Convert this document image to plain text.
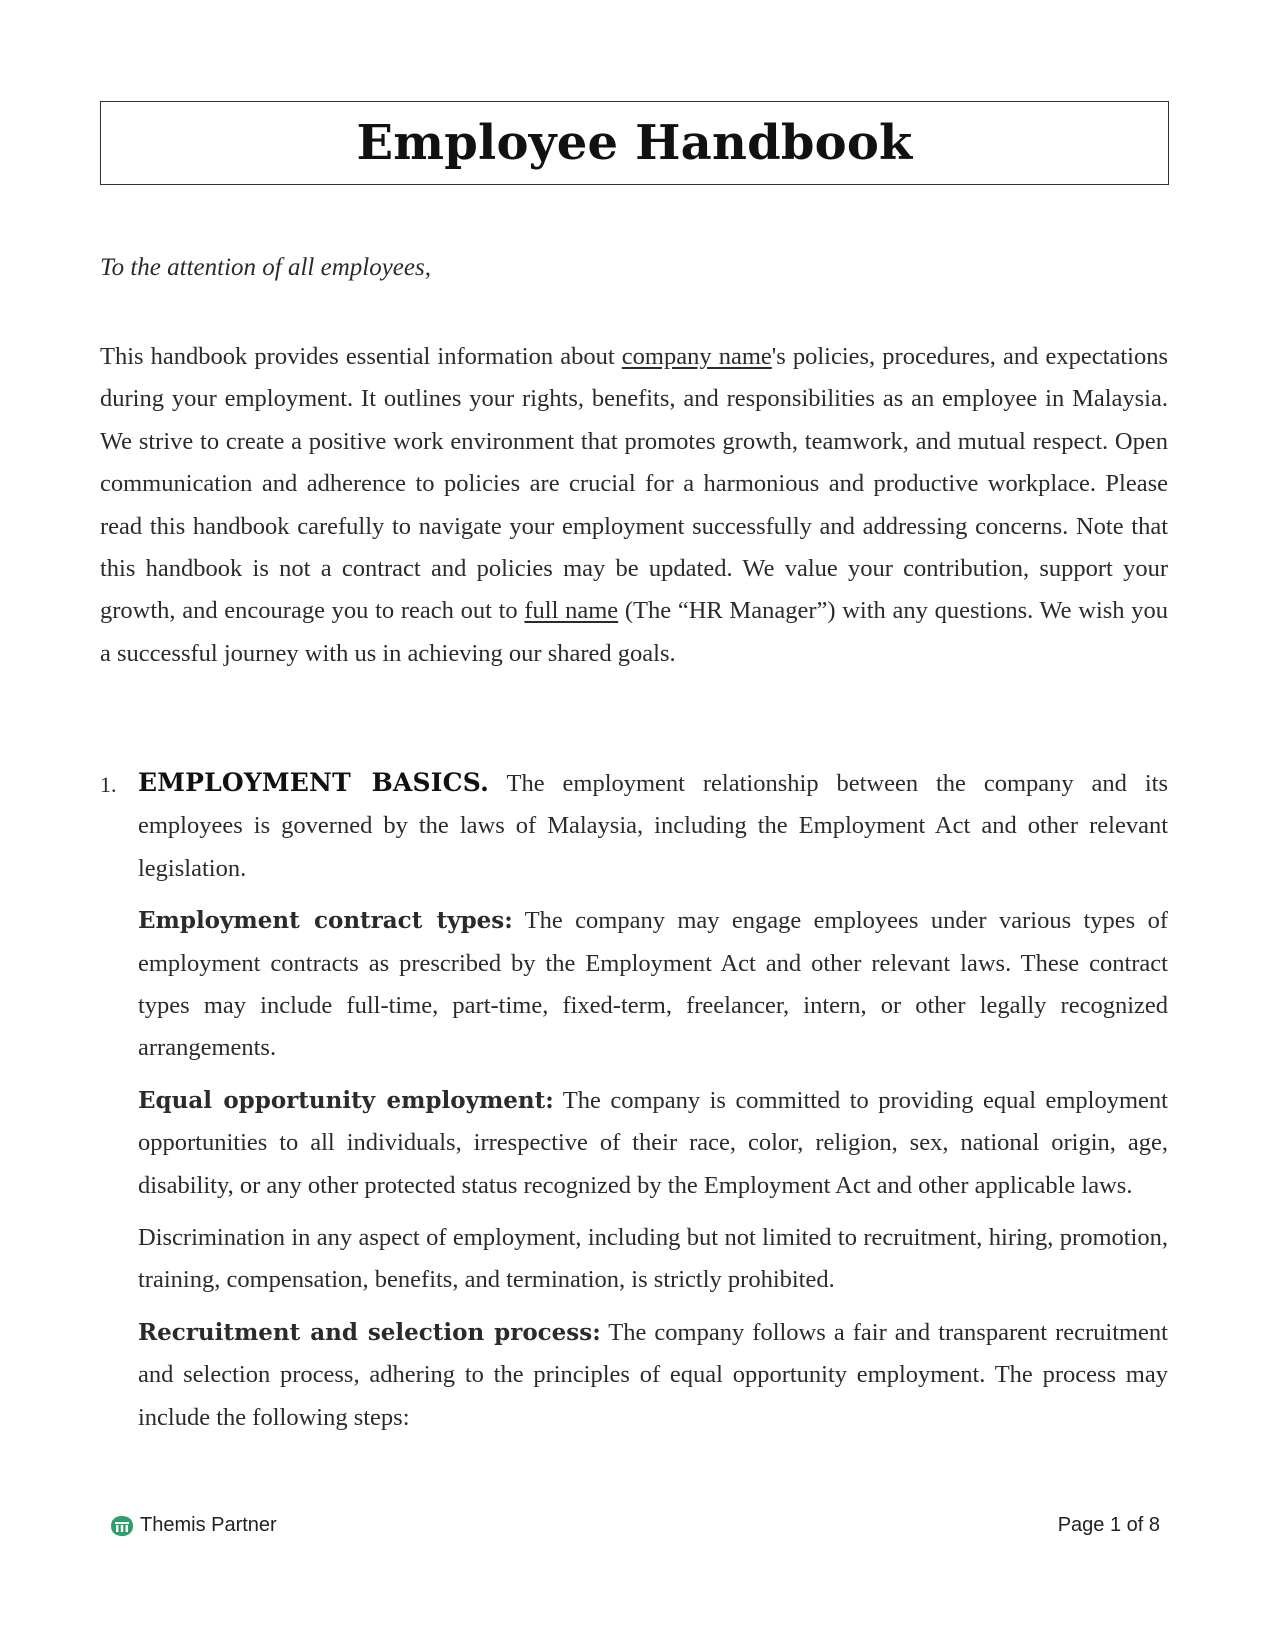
Employee Handbook
To the attention of all employees,

This handbook provides essential information about company name's policies, procedures, and expectations during your employment. It outlines your rights, benefits, and responsibilities as an employee in Malaysia. We strive to create a positive work environment that promotes growth, teamwork, and mutual respect. Open communication and adherence to policies are crucial for a harmonious and productive workplace. Please read this handbook carefully to navigate your employment successfully and addressing concerns. Note that this handbook is not a contract and policies may be updated. We value your contribution, support your growth, and encourage you to reach out to full name (The “HR Manager”) with any questions. We wish you a successful journey with us in achieving our shared goals.

1. EMPLOYMENT BASICS. The employment relationship between the company and its employees is governed by the laws of Malaysia, including the Employment Act and other relevant legislation.

Employment contract types: The company may engage employees under various types of employment contracts as prescribed by the Employment Act and other relevant laws. These contract types may include full-time, part-time, fixed-term, freelancer, intern, or other legally recognized arrangements.

Equal opportunity employment: The company is committed to providing equal employment opportunities to all individuals, irrespective of their race, color, religion, sex, national origin, age, disability, or any other protected status recognized by the Employment Act and other applicable laws.

Discrimination in any aspect of employment, including but not limited to recruitment, hiring, promotion, training, compensation, benefits, and termination, is strictly prohibited.

Recruitment and selection process: The company follows a fair and transparent recruitment and selection process, adhering to the principles of equal opportunity employment. The process may include the following steps:

Themis Partner	Page 1 of 8
